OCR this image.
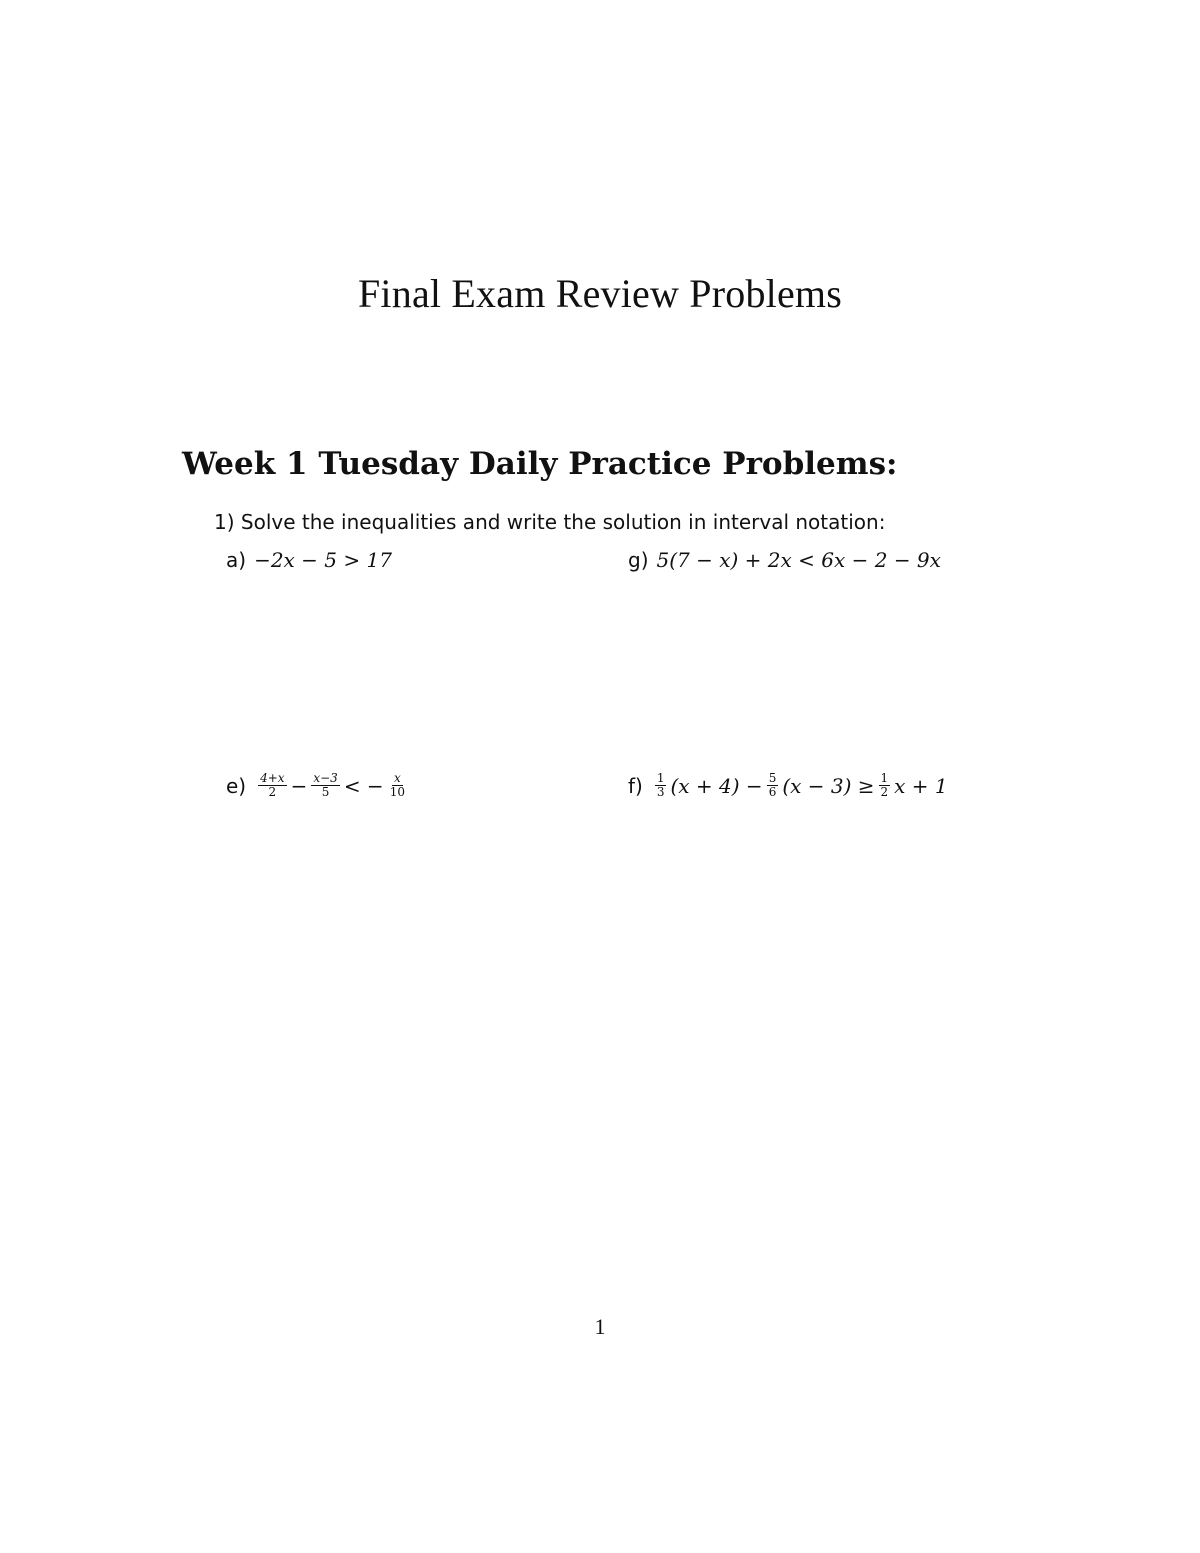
Final Exam Review Problems
Week 1 Tuesday Daily Practice Problems:

1) Solve the inequalities and write the solution in interval notation:

a) −2x − 5 > 17	g) 5(7 − x) + 2x < 6x − 2 − 9x
$e) \frac{4+x}{2} - \frac{x-3}{5}$ < − $\frac{x}{10}$	$f) \frac{1}{3} (x + 4) - \frac{5}{6} (x - 3) \ge \frac{1}{2}$ x + 1

1
